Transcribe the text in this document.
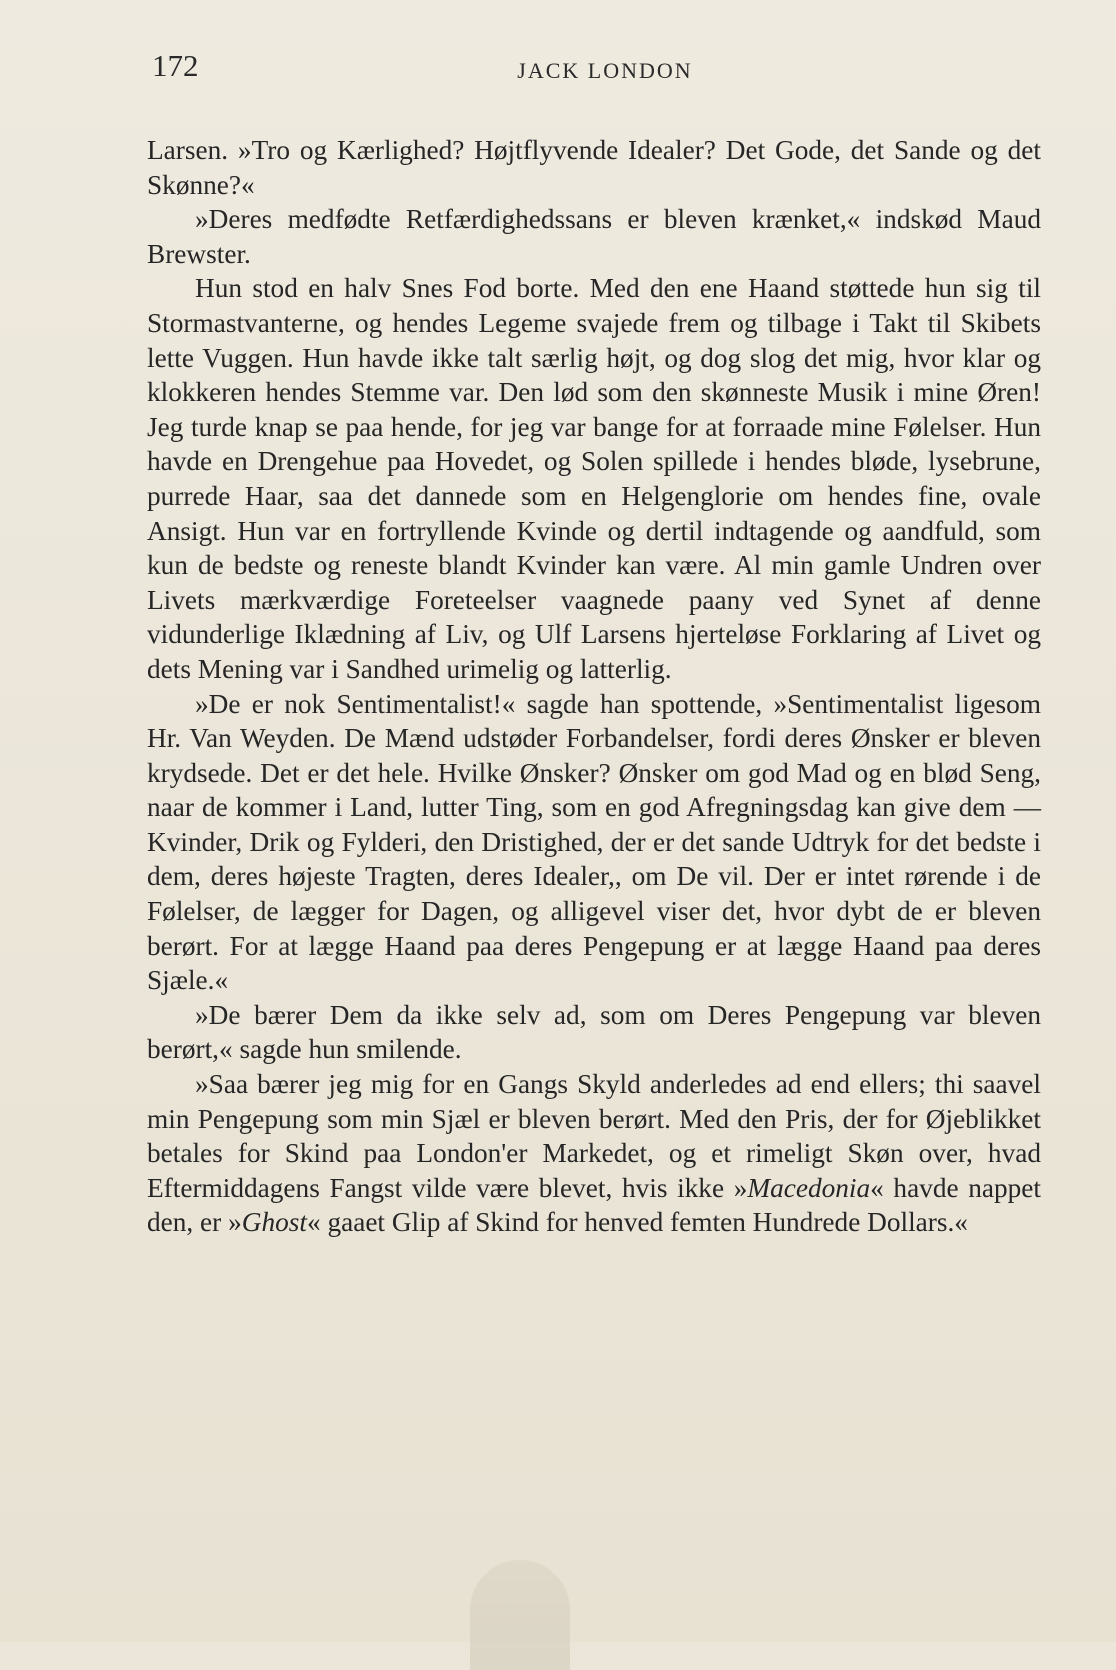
172	JACK LONDON

Larsen. »Tro og Kærlighed? Højtflyvende Idealer? Det Gode, det Sande og det Skønne?«

»Deres medfødte Retfærdighedssans er bleven krænket,« indskød Maud Brewster.

Hun stod en halv Snes Fod borte. Med den ene Haand støttede hun sig til Stormastvanterne, og hendes Legeme svajede frem og tilbage i Takt til Skibets lette Vuggen. Hun havde ikke talt særlig højt, og dog slog det mig, hvor klar og klokkeren hendes Stemme var. Den lød som den skønneste Musik i mine Øren! Jeg turde knap se paa hende, for jeg var bange for at forraade mine Følelser. Hun havde en Drengehue paa Hovedet, og Solen spillede i hendes bløde, lysebrune, purrede Haar, saa det dannede som en Helgenglorie om hendes fine, ovale Ansigt. Hun var en fortryllende Kvinde og dertil indtagende og aandfuld, som kun de bedste og reneste blandt Kvinder kan være. Al min gamle Undren over Livets mærkværdige Foreteelser vaagnede paany ved Synet af denne vidunderlige Iklædning af Liv, og Ulf Larsens hjerteløse Forklaring af Livet og dets Mening var i Sandhed urimelig og latterlig.

»De er nok Sentimentalist!« sagde han spottende, »Sentimentalist ligesom Hr. Van Weyden. De Mænd udstøder Forbandelser, fordi deres Ønsker er bleven krydsede. Det er det hele. Hvilke Ønsker? Ønsker om god Mad og en blød Seng, naar de kommer i Land, lutter Ting, som en god Afregningsdag kan give dem — Kvinder, Drik og Fylderi, den Dristighed, der er det sande Udtryk for det bedste i dem, deres højeste Tragten, deres Idealer,, om De vil. Der er intet rørende i de Følelser, de lægger for Dagen, og alligevel viser det, hvor dybt de er bleven berørt. For at lægge Haand paa deres Pengepung er at lægge Haand paa deres Sjæle.«

»De bærer Dem da ikke selv ad, som om Deres Pengepung var bleven berørt,« sagde hun smilende.

»Saa bærer jeg mig for en Gangs Skyld anderledes ad end ellers; thi saavel min Pengepung som min Sjæl er bleven berørt. Med den Pris, der for Øjeblikket betales for Skind paa London'er Markedet, og et rimeligt Skøn over, hvad Eftermiddagens Fangst vilde være blevet, hvis ikke »Macedonia« havde nappet den, er »Ghost« gaaet Glip af Skind for henved femten Hundrede Dollars.«
